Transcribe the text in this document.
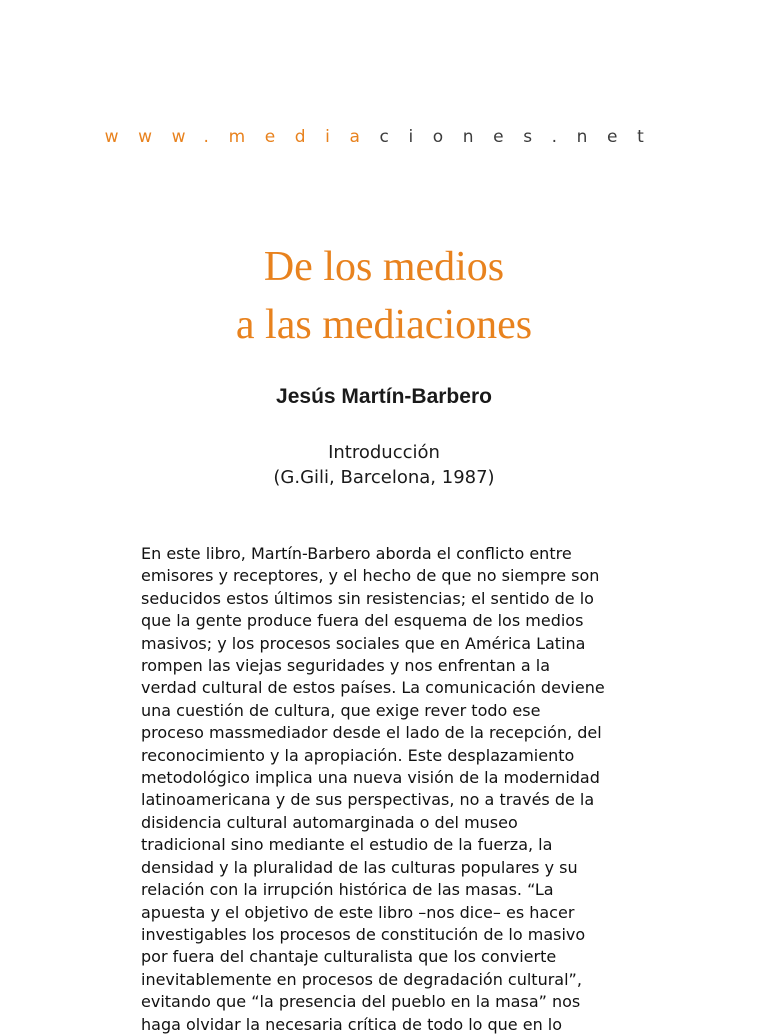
www.mediaciones.net
De los medios
a las mediaciones
Jesús Martín-Barbero
Introducción
(G.Gili, Barcelona, 1987)
En este libro, Martín-Barbero aborda el conflicto entre
emisores y receptores, y el hecho de que no siempre son
seducidos estos últimos sin resistencias; el sentido de lo
que la gente produce fuera del esquema de los medios
masivos; y los procesos sociales que en América Latina
rompen las viejas seguridades y nos enfrentan a la
verdad cultural de estos países. La comunicación deviene
una cuestión de cultura, que exige rever todo ese
proceso massmediador desde el lado de la recepción, del
reconocimiento y la apropiación. Este desplazamiento
metodológico implica una nueva visión de la modernidad
latinoamericana y de sus perspectivas, no a través de la
disidencia cultural automarginada o del museo
tradicional sino mediante el estudio de la fuerza, la
densidad y la pluralidad de las culturas populares y su
relación con la irrupción histórica de las masas. “La
apuesta y el objetivo de este libro –nos dice– es hacer
investigables los procesos de constitución de lo masivo
por fuera del chantaje culturalista que los convierte
inevitablemente en procesos de degradación cultural”,
evitando que “la presencia del pueblo en la masa” nos
haga olvidar la necesaria crítica de todo lo que en lo
